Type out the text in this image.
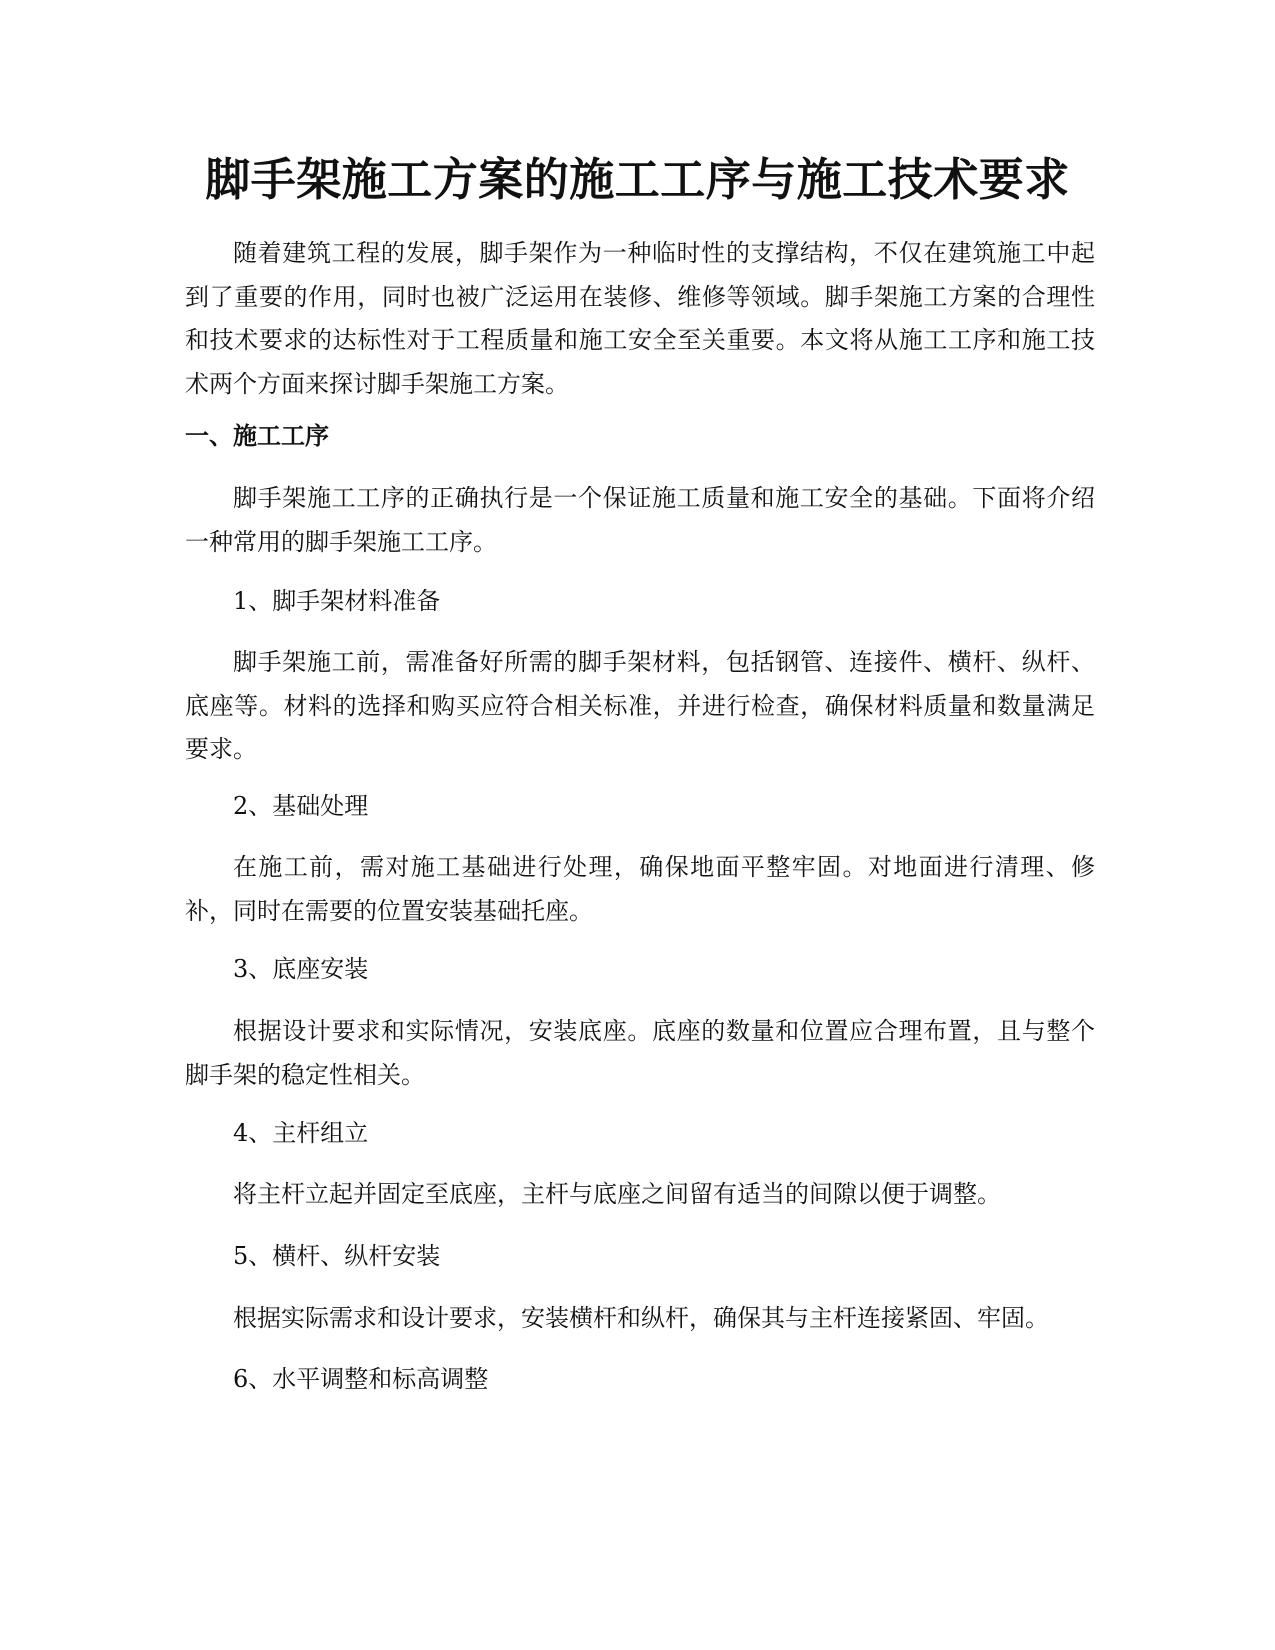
脚手架施工方案的施工工序与施工技术要求

随着建筑工程的发展，脚手架作为一种临时性的支撑结构，不仅在建筑施工中起到了重要的作用，同时也被广泛运用在装修、维修等领域。脚手架施工方案的合理性和技术要求的达标性对于工程质量和施工安全至关重要。本文将从施工工序和施工技术两个方面来探讨脚手架施工方案。

一、施工工序

脚手架施工工序的正确执行是一个保证施工质量和施工安全的基础。下面将介绍一种常用的脚手架施工工序。

1、脚手架材料准备

脚手架施工前，需准备好所需的脚手架材料，包括钢管、连接件、横杆、纵杆、底座等。材料的选择和购买应符合相关标准，并进行检查，确保材料质量和数量满足要求。

2、基础处理

在施工前，需对施工基础进行处理，确保地面平整牢固。对地面进行清理、修补，同时在需要的位置安装基础托座。

3、底座安装

根据设计要求和实际情况，安装底座。底座的数量和位置应合理布置，且与整个脚手架的稳定性相关。

4、主杆组立

将主杆立起并固定至底座，主杆与底座之间留有适当的间隙以便于调整。

5、横杆、纵杆安装

根据实际需求和设计要求，安装横杆和纵杆，确保其与主杆连接紧固、牢固。

6、水平调整和标高调整
